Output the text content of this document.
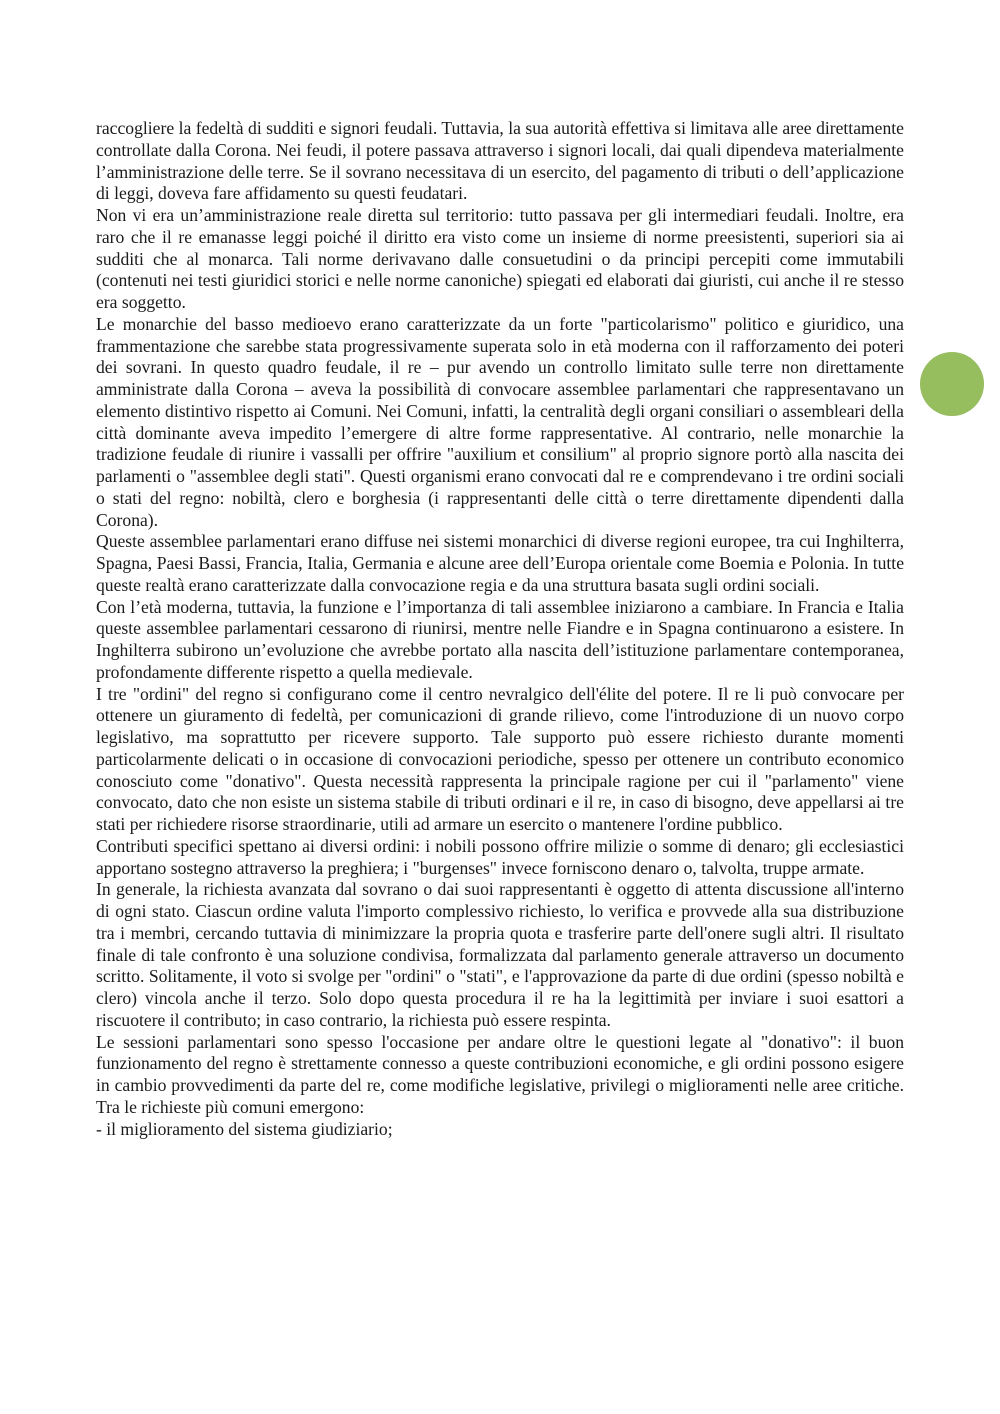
raccogliere la fedeltà di sudditi e signori feudali. Tuttavia, la sua autorità effettiva si limitava alle aree direttamente controllate dalla Corona. Nei feudi, il potere passava attraverso i signori locali, dai quali dipendeva materialmente l’amministrazione delle terre. Se il sovrano necessitava di un esercito, del pagamento di tributi o dell’applicazione di leggi, doveva fare affidamento su questi feudatari.

Non vi era un’amministrazione reale diretta sul territorio: tutto passava per gli intermediari feudali. Inoltre, era raro che il re emanasse leggi poiché il diritto era visto come un insieme di norme preesistenti, superiori sia ai sudditi che al monarca. Tali norme derivavano dalle consuetudini o da principi percepiti come immutabili (contenuti nei testi giuridici storici e nelle norme canoniche) spiegati ed elaborati dai giuristi, cui anche il re stesso era soggetto.

Le monarchie del basso medioevo erano caratterizzate da un forte "particolarismo" politico e giuridico, una frammentazione che sarebbe stata progressivamente superata solo in età moderna con il rafforzamento dei poteri dei sovrani. In questo quadro feudale, il re – pur avendo un controllo limitato sulle terre non direttamente amministrate dalla Corona – aveva la possibilità di convocare assemblee parlamentari che rappresentavano un elemento distintivo rispetto ai Comuni. Nei Comuni, infatti, la centralità degli organi consiliari o assembleari della città dominante aveva impedito l’emergere di altre forme rappresentative. Al contrario, nelle monarchie la tradizione feudale di riunire i vassalli per offrire "auxilium et consilium" al proprio signore portò alla nascita dei parlamenti o "assemblee degli stati". Questi organismi erano convocati dal re e comprendevano i tre ordini sociali o stati del regno: nobiltà, clero e borghesia (i rappresentanti delle città o terre direttamente dipendenti dalla Corona).

Queste assemblee parlamentari erano diffuse nei sistemi monarchici di diverse regioni europee, tra cui Inghilterra, Spagna, Paesi Bassi, Francia, Italia, Germania e alcune aree dell’Europa orientale come Boemia e Polonia. In tutte queste realtà erano caratterizzate dalla convocazione regia e da una struttura basata sugli ordini sociali.

Con l’età moderna, tuttavia, la funzione e l’importanza di tali assemblee iniziarono a cambiare. In Francia e Italia queste assemblee parlamentari cessarono di riunirsi, mentre nelle Fiandre e in Spagna continuarono a esistere. In Inghilterra subirono un’evoluzione che avrebbe portato alla nascita dell’istituzione parlamentare contemporanea, profondamente differente rispetto a quella medievale.

I tre "ordini" del regno si configurano come il centro nevralgico dell'élite del potere. Il re li può convocare per ottenere un giuramento di fedeltà, per comunicazioni di grande rilievo, come l'introduzione di un nuovo corpo legislativo, ma soprattutto per ricevere supporto. Tale supporto può essere richiesto durante momenti particolarmente delicati o in occasione di convocazioni periodiche, spesso per ottenere un contributo economico conosciuto come "donativo". Questa necessità rappresenta la principale ragione per cui il "parlamento" viene convocato, dato che non esiste un sistema stabile di tributi ordinari e il re, in caso di bisogno, deve appellarsi ai tre stati per richiedere risorse straordinarie, utili ad armare un esercito o mantenere l'ordine pubblico.

Contributi specifici spettano ai diversi ordini: i nobili possono offrire milizie o somme di denaro; gli ecclesiastici apportano sostegno attraverso la preghiera; i "burgenses" invece forniscono denaro o, talvolta, truppe armate.

In generale, la richiesta avanzata dal sovrano o dai suoi rappresentanti è oggetto di attenta discussione all'interno di ogni stato. Ciascun ordine valuta l'importo complessivo richiesto, lo verifica e provvede alla sua distribuzione tra i membri, cercando tuttavia di minimizzare la propria quota e trasferire parte dell'onere sugli altri. Il risultato finale di tale confronto è una soluzione condivisa, formalizzata dal parlamento generale attraverso un documento scritto. Solitamente, il voto si svolge per "ordini" o "stati", e l'approvazione da parte di due ordini (spesso nobiltà e clero) vincola anche il terzo. Solo dopo questa procedura il re ha la legittimità per inviare i suoi esattori a riscuotere il contributo; in caso contrario, la richiesta può essere respinta.

Le sessioni parlamentari sono spesso l'occasione per andare oltre le questioni legate al "donativo": il buon funzionamento del regno è strettamente connesso a queste contribuzioni economiche, e gli ordini possono esigere in cambio provvedimenti da parte del re, come modifiche legislative, privilegi o miglioramenti nelle aree critiche. Tra le richieste più comuni emergono:

- il miglioramento del sistema giudiziario;
